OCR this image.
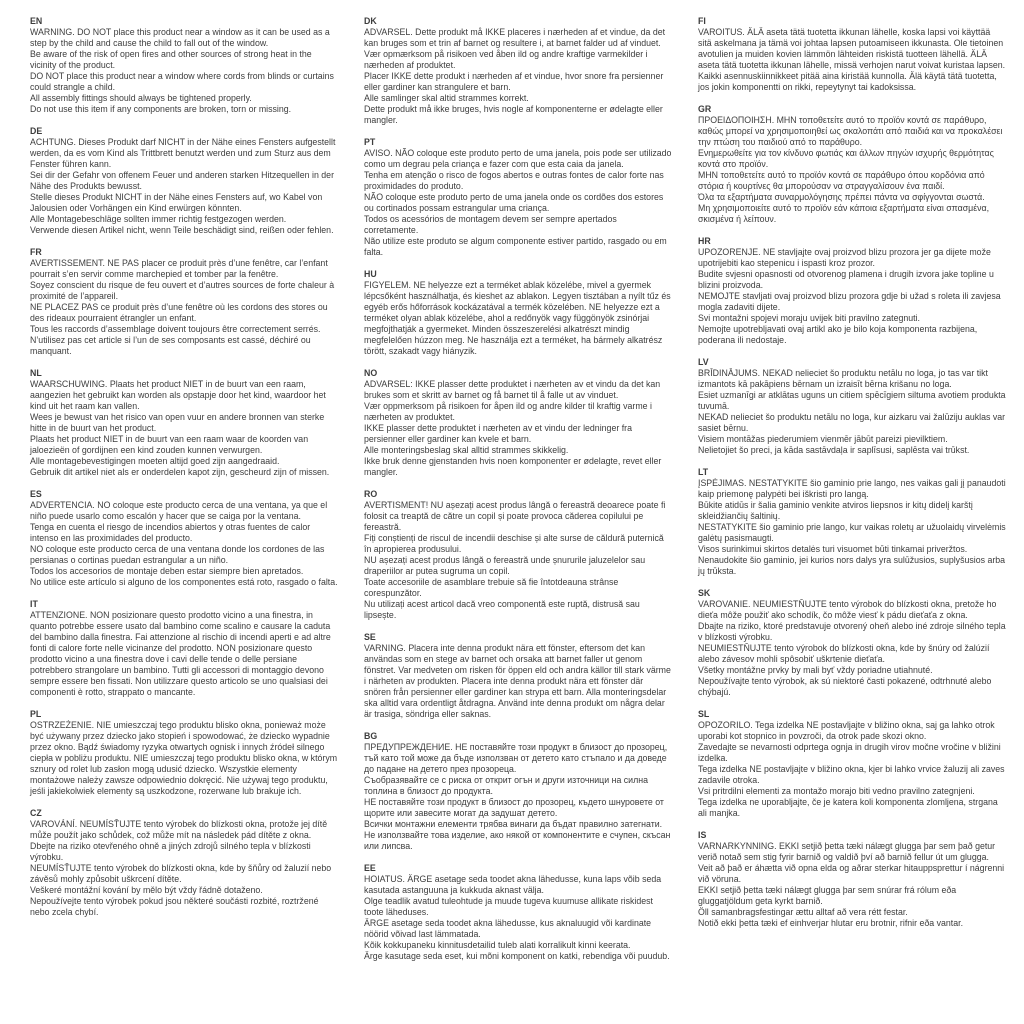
EN

WARNING. DO NOT place this product near a window as it can be used as a step by the child and cause the child to fall out of the window.

Be aware of the risk of open fires and other sources of strong heat in the vicinity of the product.

DO NOT place this product near a window where cords from blinds or curtains could strangle a child.

All assembly fittings should always be tightened properly.

Do not use this item if any components are broken, torn or missing.

DE

ACHTUNG. Dieses Produkt darf NICHT in der Nähe eines Fensters aufgestellt werden, da es vom Kind als Trittbrett benutzt werden und zum Sturz aus dem Fenster führen kann.

Sei dir der Gefahr von offenem Feuer und anderen starken Hitzequellen in der Nähe des Produkts bewusst.

Stelle dieses Produkt NICHT in der Nähe eines Fensters auf, wo Kabel von Jalousien oder Vorhängen ein Kind erwürgen könnten.

Alle Montagebeschläge sollten immer richtig festgezogen werden.

Verwende diesen Artikel nicht, wenn Teile beschädigt sind, reißen oder fehlen.

FR

AVERTISSEMENT. NE PAS placer ce produit près d’une fenêtre, car l’enfant pourrait s’en servir comme marchepied et tomber par la fenêtre.

Soyez conscient du risque de feu ouvert et d’autres sources de forte chaleur à proximité de l’appareil.

NE PLACEZ PAS ce produit près d’une fenêtre où les cordons des stores ou des rideaux pourraient étrangler un enfant.

Tous les raccords d’assemblage doivent toujours être correctement serrés.

N’utilisez pas cet article si l’un de ses composants est cassé, déchiré ou manquant.

NL

WAARSCHUWING. Plaats het product NIET in de buurt van een raam, aangezien het gebruikt kan worden als opstapje door het kind, waardoor het kind uit het raam kan vallen.

Wees je bewust van het risico van open vuur en andere bronnen van sterke hitte in de buurt van het product.

Plaats het product NIET in de buurt van een raam waar de koorden van jaloezieën of gordijnen een kind zouden kunnen verwurgen.

Alle montagebevestigingen moeten altijd goed zijn aangedraaid.

Gebruik dit artikel niet als er onderdelen kapot zijn, gescheurd zijn of missen.

ES

ADVERTENCIA. NO coloque este producto cerca de una ventana, ya que el niño puede usarlo como escalón y hacer que se caiga por la ventana.

Tenga en cuenta el riesgo de incendios abiertos y otras fuentes de calor intenso en las proximidades del producto.

NO coloque este producto cerca de una ventana donde los cordones de las persianas o cortinas puedan estrangular a un niño.

Todos los accesorios de montaje deben estar siempre bien apretados.

No utilice este artículo si alguno de los componentes está roto, rasgado o falta.

IT

ATTENZIONE. NON posizionare questo prodotto vicino a una finestra, in quanto potrebbe essere usato dal bambino come scalino e causare la caduta del bambino dalla finestra. Fai attenzione al rischio di incendi aperti e ad altre fonti di calore forte nelle vicinanze del prodotto. NON posizionare questo prodotto vicino a una finestra dove i cavi delle tende o delle persiane potrebbero strangolare un bambino. Tutti gli accessori di montaggio devono sempre essere ben fissati. Non utilizzare questo articolo se uno qualsiasi dei componenti è rotto, strappato o mancante.

PL

OSTRZEŻENIE. NIE umieszczaj tego produktu blisko okna, ponieważ może być używany przez dziecko jako stopień i spowodować, że dziecko wypadnie przez okno. Bądź świadomy ryzyka otwartych ognisk i innych źródeł silnego ciepła w pobliżu produktu. NIE umieszczaj tego produktu blisko okna, w którym sznury od rolet lub zasłon mogą udusić dziecko. Wszystkie elementy montażowe należy zawsze odpowiednio dokręcić. Nie używaj tego produktu, jeśli jakiekolwiek elementy są uszkodzone, rozerwane lub brakuje ich.

CZ

VAROVÁNÍ. NEUMÍSŤUJTE tento výrobek do blízkosti okna, protože jej dítě může použít jako schůdek, což může mít na následek pád dítěte z okna.

Dbejte na riziko otevřeného ohně a jiných zdrojů silného tepla v blízkosti výrobku.

NEUMÍSŤUJTE tento výrobek do blízkosti okna, kde by šňůry od žaluzií nebo závěsů mohly způsobit uškrcení dítěte.

Veškeré montážní kování by mělo být vždy řádně dotaženo.

Nepoužívejte tento výrobek pokud jsou některé součásti rozbité, roztržené nebo zcela chybí.

DK

ADVARSEL. Dette produkt må IKKE placeres i nærheden af et vindue, da det kan bruges som et trin af barnet og resultere i, at barnet falder ud af vinduet.

Vær opmærksom på risikoen ved åben ild og andre kraftige varmekilder i nærheden af produktet.

Placer IKKE dette produkt i nærheden af et vindue, hvor snore fra persienner eller gardiner kan strangulere et barn.

Alle samlinger skal altid strammes korrekt.

Dette produkt må ikke bruges, hvis nogle af komponenterne er ødelagte eller mangler.

PT

AVISO. NÃO coloque este produto perto de uma janela, pois pode ser utilizado como um degrau pela criança e fazer com que esta caia da janela.

Tenha em atenção o risco de fogos abertos e outras fontes de calor forte nas proximidades do produto.

NÃO coloque este produto perto de uma janela onde os cordões dos estores ou cortinados possam estrangular uma criança.

Todos os acessórios de montagem devem ser sempre apertados corretamente.

Não utilize este produto se algum componente estiver partido, rasgado ou em falta.

HU

FIGYELEM. NE helyezze ezt a terméket ablak közelébe, mivel a gyermek lépcsőként használhatja, és kieshet az ablakon. Legyen tisztában a nyílt tűz és egyéb erős hőforrások kockázatával a termék közelében. NE helyezze ezt a terméket olyan ablak közelébe, ahol a redőnyök vagy függönyök zsinórjai megfojthatják a gyermeket. Minden összeszerelési alkatrészt mindig megfelelően húzzon meg. Ne használja ezt a terméket, ha bármely alkatrész törött, szakadt vagy hiányzik.

NO

ADVARSEL: IKKE plasser dette produktet i nærheten av et vindu da det kan brukes som et skritt av barnet og få barnet til å falle ut av vinduet.

Vær oppmerksom på risikoen for åpen ild og andre kilder til kraftig varme i nærheten av produktet.

IKKE plasser dette produktet i nærheten av et vindu der ledninger fra persienner eller gardiner kan kvele et barn.

Alle monteringsbeslag skal alltid strammes skikkelig.

Ikke bruk denne gjenstanden hvis noen komponenter er ødelagte, revet eller mangler.

RO

AVERTISMENT! NU așezați acest produs lângă o fereastră deoarece poate fi folosit ca treaptă de către un copil și poate provoca căderea copilului pe fereastră.

Fiți conștienți de riscul de incendii deschise și alte surse de căldură puternică în apropierea produsului.

NU așezați acest produs lângă o fereastră unde șnururile jaluzelelor sau draperiilor ar putea sugruma un copil.

Toate accesoriile de asamblare trebuie să fie întotdeauna strânse corespunzător.

Nu utilizați acest articol dacă vreo componentă este ruptă, distrusă sau lipsește.

SE

VARNING. Placera inte denna produkt nära ett fönster, eftersom det kan användas som en stege av barnet och orsaka att barnet faller ut genom fönstret. Var medveten om risken för öppen eld och andra källor till stark värme i närheten av produkten. Placera inte denna produkt nära ett fönster där snören från persienner eller gardiner kan strypa ett barn. Alla monteringsdelar ska alltid vara ordentligt åtdragna. Använd inte denna produkt om några delar är trasiga, söndriga eller saknas.

BG

ПРЕДУПРЕЖДЕНИЕ. НЕ поставяйте този продукт в близост до прозорец, тъй като той може да бъде използван от детето като стъпало и да доведе до падане на детето през прозореца.

Съобразявайте се с риска от открит огън и други източници на силна топлина в близост до продукта.

НЕ поставяйте този продукт в близост до прозорец, където шнуровете от щорите или завесите могат да задушат детето.

Всички монтажни елементи трябва винаги да бъдат правилно затегнати.

Не използвайте това изделие, ако някой от компонентите е счупен, скъсан или липсва.

EE

HOIATUS. ÄRGE asetage seda toodet akna lähedusse, kuna laps võib seda kasutada astanguuna ja kukkuda aknast välja.

Olge teadlik avatud tuleohtude ja muude tugeva kuumuse allikate riskidest toote läheduses.

ÄRGE asetage seda toodet akna lähedusse, kus aknaluugid või kardinate nöörid võivad last lämmatada.

Kõik kokkupaneku kinnitusdetailid tuleb alati korralikult kinni keerata.

Ärge kasutage seda eset, kui mõni komponent on katki, rebendiga või puudub.

FI

VAROITUS. ÄLÄ aseta tätä tuotetta ikkunan lähelle, koska lapsi voi käyttää sitä askelmana ja tämä voi johtaa lapsen putoamiseen ikkunasta. Ole tietoinen avotulien ja muiden kovien lämmön lähteiden riskistä tuotteen lähellä. ÄLÄ aseta tätä tuotetta ikkunan lähelle, missä verhojen narut voivat kuristaa lapsen. Kaikki asennuskiinnikkeet pitää aina kiristää kunnolla. Älä käytä tätä tuotetta, jos jokin komponentti on rikki, repeytynyt tai kadoksissa.

GR

ΠΡΟΕΙΔΟΠΟΙΗΣΗ. ΜΗΝ τοποθετείτε αυτό το προϊόν κοντά σε παράθυρο, καθώς μπορεί να χρησιμοποιηθεί ως σκαλοπάτι από παιδιά και να προκαλέσει την πτώση του παιδιού από το παράθυρο.

Ενημερωθείτε για τον κίνδυνο φωτιάς και άλλων πηγών ισχυρής θερμότητας κοντά στο προϊόν.

ΜΗΝ τοποθετείτε αυτό το προϊόν κοντά σε παράθυρο όπου κορδόνια από στόρια ή κουρτίνες θα μπορούσαν να στραγγαλίσουν ένα παιδί.

Όλα τα εξαρτήματα συναρμολόγησης πρέπει πάντα να σφίγγονται σωστά.

Μη χρησιμοποιείτε αυτό το προϊόν εάν κάποια εξαρτήματα είναι σπασμένα, σκισμένα ή λείπουν.

HR

UPOZORENJE. NE stavljajte ovaj proizvod blizu prozora jer ga dijete može upotrijebiti kao stepenicu i ispasti kroz prozor.

Budite svjesni opasnosti od otvorenog plamena i drugih izvora jake topline u blizini proizvoda.

NEMOJTE stavljati ovaj proizvod blizu prozora gdje bi užad s roleta ili zavjesa mogla zadaviti dijete.

Svi montažni spojevi moraju uvijek biti pravilno zategnuti.

Nemojte upotrebljavati ovaj artikl ako je bilo koja komponenta razbijena, poderana ili nedostaje.

LV

BRĪDINĀJUMS. NEKAD nelieciet šo produktu netālu no loga, jo tas var tikt izmantots kā pakāpiens bērnam un izraisīt bērna krišanu no loga.

Esiet uzmanīgi ar atklātas uguns un citiem spēcīgiem siltuma avotiem produkta tuvumā.

NEKAD nelieciet šo produktu netālu no loga, kur aizkaru vai žalūziju auklas var sasiet bērnu.

Visiem montāžas piederumiem vienmēr jābūt pareizi pievilktiem.

Nelietojiet šo preci, ja kāda sastāvdaļa ir saplīsusi, saplēsta vai trūkst.

LT

ĮSPĖJIMAS. NESTATYKITE šio gaminio prie lango, nes vaikas gali jį panaudoti kaip priemonę palypėti bei iškristi pro langą.

Būkite atidūs ir šalia gaminio venkite atviros liepsnos ir kitų didelį karštį skleidžiančių šaltinių.

NESTATYKITE šio gaminio prie lango, kur vaikas roletų ar užuolaidų virvelėmis galėtų pasismaugti.

Visos surinkimui skirtos detalės turi visuomet būti tinkamai priveržtos.

Nenaudokite šio gaminio, jei kurios nors dalys yra sulūžusios, suplyšusios arba jų trūksta.

SK

VAROVANIE. NEUMIESTŇUJTE tento výrobok do blízkosti okna, pretože ho dieťa môže použiť ako schodík, čo môže viesť k pádu dieťaťa z okna.

Dbajte na riziko, ktoré predstavuje otvorený oheň alebo iné zdroje silného tepla v blízkosti výrobku.

NEUMIESTŇUJTE tento výrobok do blízkosti okna, kde by šnúry od žalúzií alebo závesov mohli spôsobiť uškrtenie dieťaťa.

Všetky montážne prvky by mali byť vždy poriadne utiahnuté.

Nepoužívajte tento výrobok, ak sú niektoré časti pokazené, odtrhnuté alebo chýbajú.

SL

OPOZORILO. Tega izdelka NE postavljajte v bližino okna, saj ga lahko otrok uporabi kot stopnico in povzroči, da otrok pade skozi okno.

Zavedajte se nevarnosti odprtega ognja in drugih virov močne vročine v bližini izdelka.

Tega izdelka NE postavljajte v bližino okna, kjer bi lahko vrvice žaluzij ali zaves zadavile otroka.

Vsi pritrdilni elementi za montažo morajo biti vedno pravilno zategnjeni.

Tega izdelka ne uporabljajte, če je katera koli komponenta zlomljena, strgana ali manjka.

IS

VARNARKYNNING. EKKI setjið þetta tæki nálægt glugga þar sem það getur verið notað sem stig fyrir barnið og valdið því að barnið fellur út um glugga.

Veit að það er áhætta við opna elda og aðrar sterkar hitauppsprettur í nágrenni við vöruna.

EKKI setjið þetta tæki nálægt glugga þar sem snúrar frá rólum eða gluggatjöldum geta kyrkt barnið.

Öll samanbragsfestingar ættu alltaf að vera rétt festar.

Notið ekki þetta tæki ef einhverjar hlutar eru brotnir, rifnir eða vantar.
